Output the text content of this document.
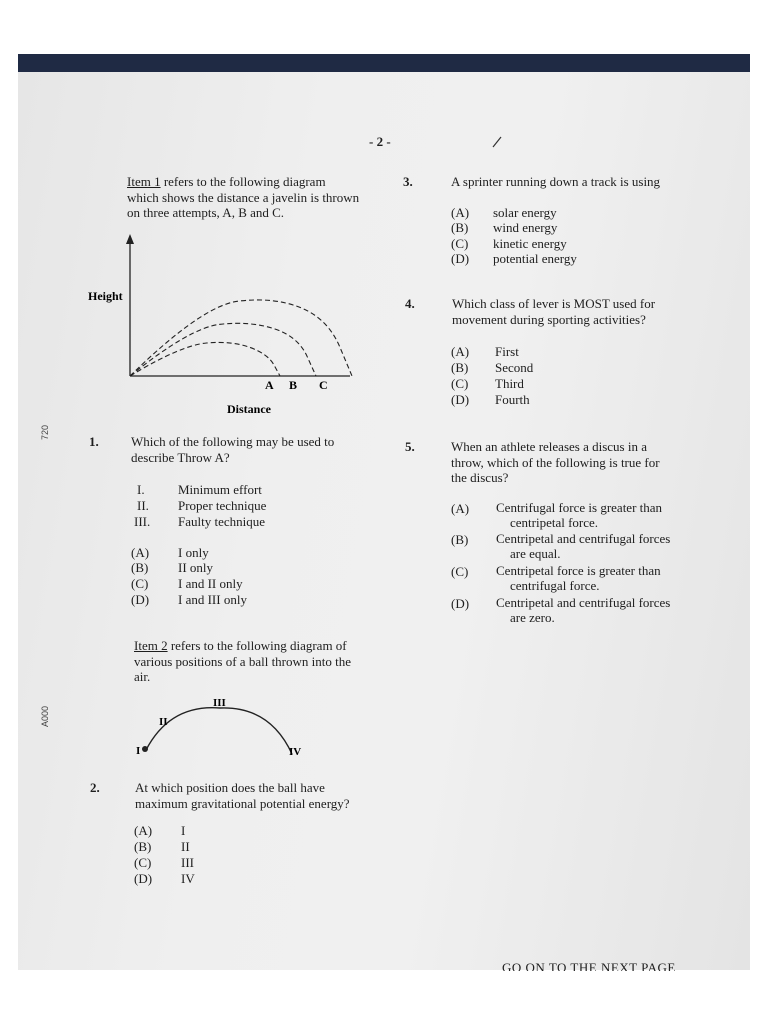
- 2 -
720
A000
Item 1 refers to the following diagram
which shows the distance a javelin is thrown
on three attempts, A, B and C.
Height
Distance
A B C
1. Which of the following may be used to
describe Throw A?
I.	Minimum effort
II. Proper technique
III. Faulty technique
(A) I only
(B) II only
(C) I and II only
(D) I and III only
Item 2 refers to the following diagram of
various positions of a ball thrown into the
air.
I
II
III
IV
2.	At which position does the ball have
maximum gravitational potential energy?
(A) I
(B) II
(C) III
(D) IV
3.	A sprinter running down a track is using
(A) solar energy
(B) wind energy
(C) kinetic energy
(D) potential energy
4.	Which class of lever is MOST used for
movement during sporting activities?
(A) First
(B) Second
(C) Third
(D) Fourth
5.	When an athlete releases a discus in a
throw, which of the following is true for
the discus?
(A) Centrifugal force is greater than
centripetal force.
(B) Centripetal and centrifugal forces
are equal.
(C) Centripetal force is greater than
centrifugal force.
(D) Centripetal and centrifugal forces
are zero.
GO ON TO THE NEXT PAGE
